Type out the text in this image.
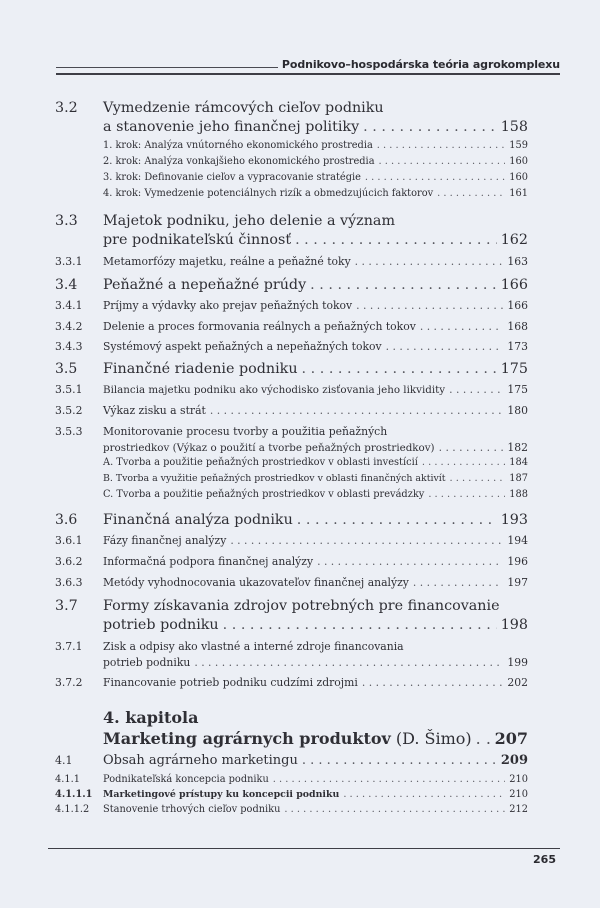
Podnikovo–hospodárska teória agrokomplexu
3.2 Vymedzenie rámcových cieľov podniku
a stanovenie jeho finančnej politiky . . .	158
1. krok: Analýza vnútorného ekonomického prostredia . . .	159
2. krok: Analýza vonkajšieho ekonomického prostredia . . .	160
3. krok: Definovanie cieľov a vypracovanie stratégie . . .	160
4. krok: Vymedzenie potenciálnych rizík a obmedzujúcich faktorov . . .	161
3.3 Majetok podniku, jeho delenie a význam
pre podnikateľskú činnosť . . .	162
3.3.1	Metamorfózy majetku, reálne a peňažné toky . . .	163
3.4	Peňažné a nepeňažné prúdy . . .	166
3.4.1	Príjmy a výdavky ako prejav peňažných tokov . . .	166
3.4.2	Delenie a proces formovania reálnych a peňažných tokov . . .	168
3.4.3	Systémový aspekt peňažných a nepeňažných tokov . . .	173
3.5	Finančné riadenie podniku . . .	175
3.5.1	Bilancia majetku podniku ako východisko zisťovania jeho likvidity . . .	175
3.5.2	Výkaz zisku a strát . . .	180
3.5.3 Monitorovanie procesu tvorby a použitia peňažných
prostriedkov (Výkaz o použití a tvorbe peňažných prostriedkov) . . .	182
A. Tvorba a použitie peňažných prostriedkov v oblasti investícií . . .	184
B. Tvorba a využitie peňažných prostriedkov v oblasti finančných aktivít . . .	187
C. Tvorba a použitie peňažných prostriedkov v oblasti prevádzky . . .	188
3.6	Finančná analýza podniku . . .	193
3.6.1	Fázy finančnej analýzy . . .	194
3.6.2	Informačná podpora finančnej analýzy . . .	196
3.6.3	Metódy vyhodnocovania ukazovateľov finančnej analýzy . . .	197
3.7 Formy získavania zdrojov potrebných pre financovanie
potrieb podniku . . .	198
3.7.1 Zisk a odpisy ako vlastné a interné zdroje financovania
potrieb podniku . . .	199
3.7.2	Financovanie potrieb podniku cudzími zdrojmi . . .	202
4. kapitola
Marketing agrárnych produktov (D. Šimo) . . . 207
4.1	Obsah agrárneho marketingu . . .	209
4.1.1	Podnikateľská koncepcia podniku . . .	210
4.1.1.1	Marketingové prístupy ku koncepcii podniku . . .	210
4.1.1.2	Stanovenie trhových cieľov podniku . . .	212
265
